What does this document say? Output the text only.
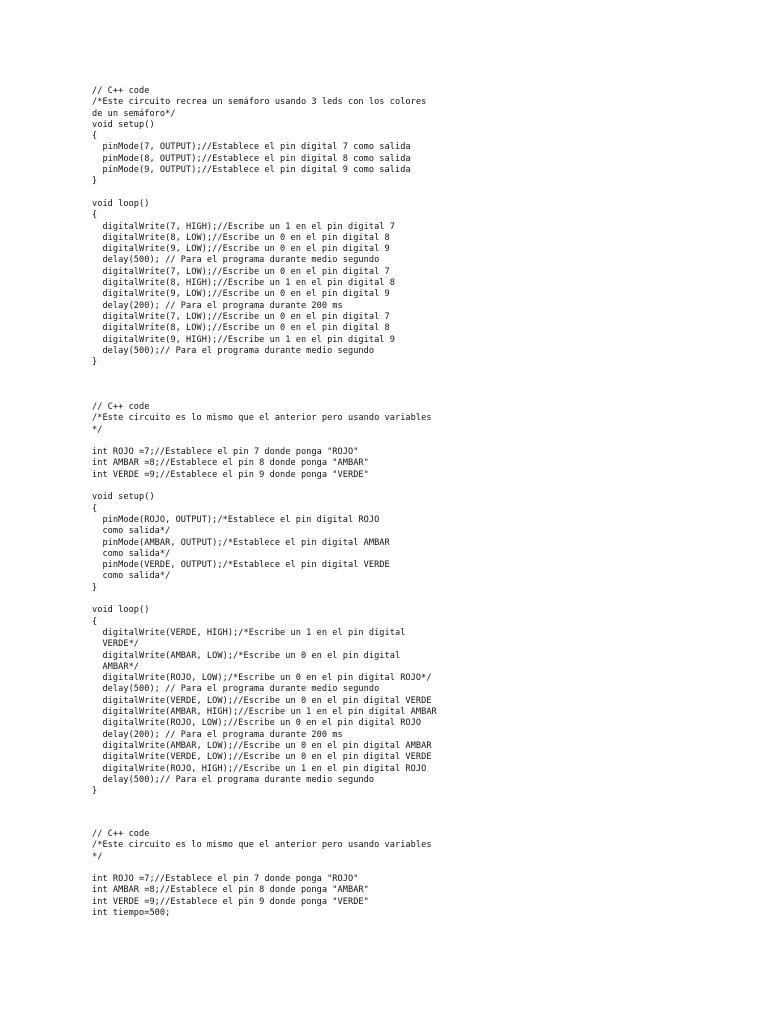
// C++ code
/*Este circuito recrea un semáforo usando 3 leds con los colores
de un semáforo*/
void setup()
{
pinMode(7, OUTPUT);//Establece el pin digital 7 como salida
pinMode(8, OUTPUT);//Establece el pin digital 8 como salida
pinMode(9, OUTPUT);//Establece el pin digital 9 como salida
}
void loop()
{
digitalWrite(7, HIGH);//Escribe un 1 en el pin digital 7
digitalWrite(8, LOW);//Escribe un 0 en el pin digital 8
digitalWrite(9, LOW);//Escribe un 0 en el pin digital 9
delay(500); // Para el programa durante medio segundo
digitalWrite(7, LOW);//Escribe un 0 en el pin digital 7
digitalWrite(8, HIGH);//Escribe un 1 en el pin digital 8
digitalWrite(9, LOW);//Escribe un 0 en el pin digital 9
delay(200); // Para el programa durante 200 ms
digitalWrite(7, LOW);//Escribe un 0 en el pin digital 7
digitalWrite(8, LOW);//Escribe un 0 en el pin digital 8
digitalWrite(9, HIGH);//Escribe un 1 en el pin digital 9
delay(500);// Para el programa durante medio segundo
}
// C++ code
/*Este circuito es lo mismo que el anterior pero usando variables
*/
int ROJO =7;//Establece el pin 7 donde ponga "ROJO"
int AMBAR =8;//Establece el pin 8 donde ponga "AMBAR"
int VERDE =9;//Establece el pin 9 donde ponga "VERDE"
void setup()
{
pinMode(ROJO, OUTPUT);/*Establece el pin digital ROJO
como salida*/
pinMode(AMBAR, OUTPUT);/*Establece el pin digital AMBAR
como salida*/
pinMode(VERDE, OUTPUT);/*Establece el pin digital VERDE
como salida*/
}
void loop()
{
digitalWrite(VERDE, HIGH);/*Escribe un 1 en el pin digital
VERDE*/
digitalWrite(AMBAR, LOW);/*Escribe un 0 en el pin digital
AMBAR*/
digitalWrite(ROJO, LOW);/*Escribe un 0 en el pin digital ROJO*/
delay(500); // Para el programa durante medio segundo
digitalWrite(VERDE, LOW);//Escribe un 0 en el pin digital VERDE
digitalWrite(AMBAR, HIGH);//Escribe un 1 en el pin digital AMBAR
digitalWrite(ROJO, LOW);//Escribe un 0 en el pin digital ROJO
delay(200); // Para el programa durante 200 ms
digitalWrite(AMBAR, LOW);//Escribe un 0 en el pin digital AMBAR
digitalWrite(VERDE, LOW);//Escribe un 0 en el pin digital VERDE
digitalWrite(ROJO, HIGH);//Escribe un 1 en el pin digital ROJO
delay(500);// Para el programa durante medio segundo
}
// C++ code
/*Este circuito es lo mismo que el anterior pero usando variables
*/
int ROJO =7;//Establece el pin 7 donde ponga "ROJO"
int AMBAR =8;//Establece el pin 8 donde ponga "AMBAR"
int VERDE =9;//Establece el pin 9 donde ponga "VERDE"
int tiempo=500;
